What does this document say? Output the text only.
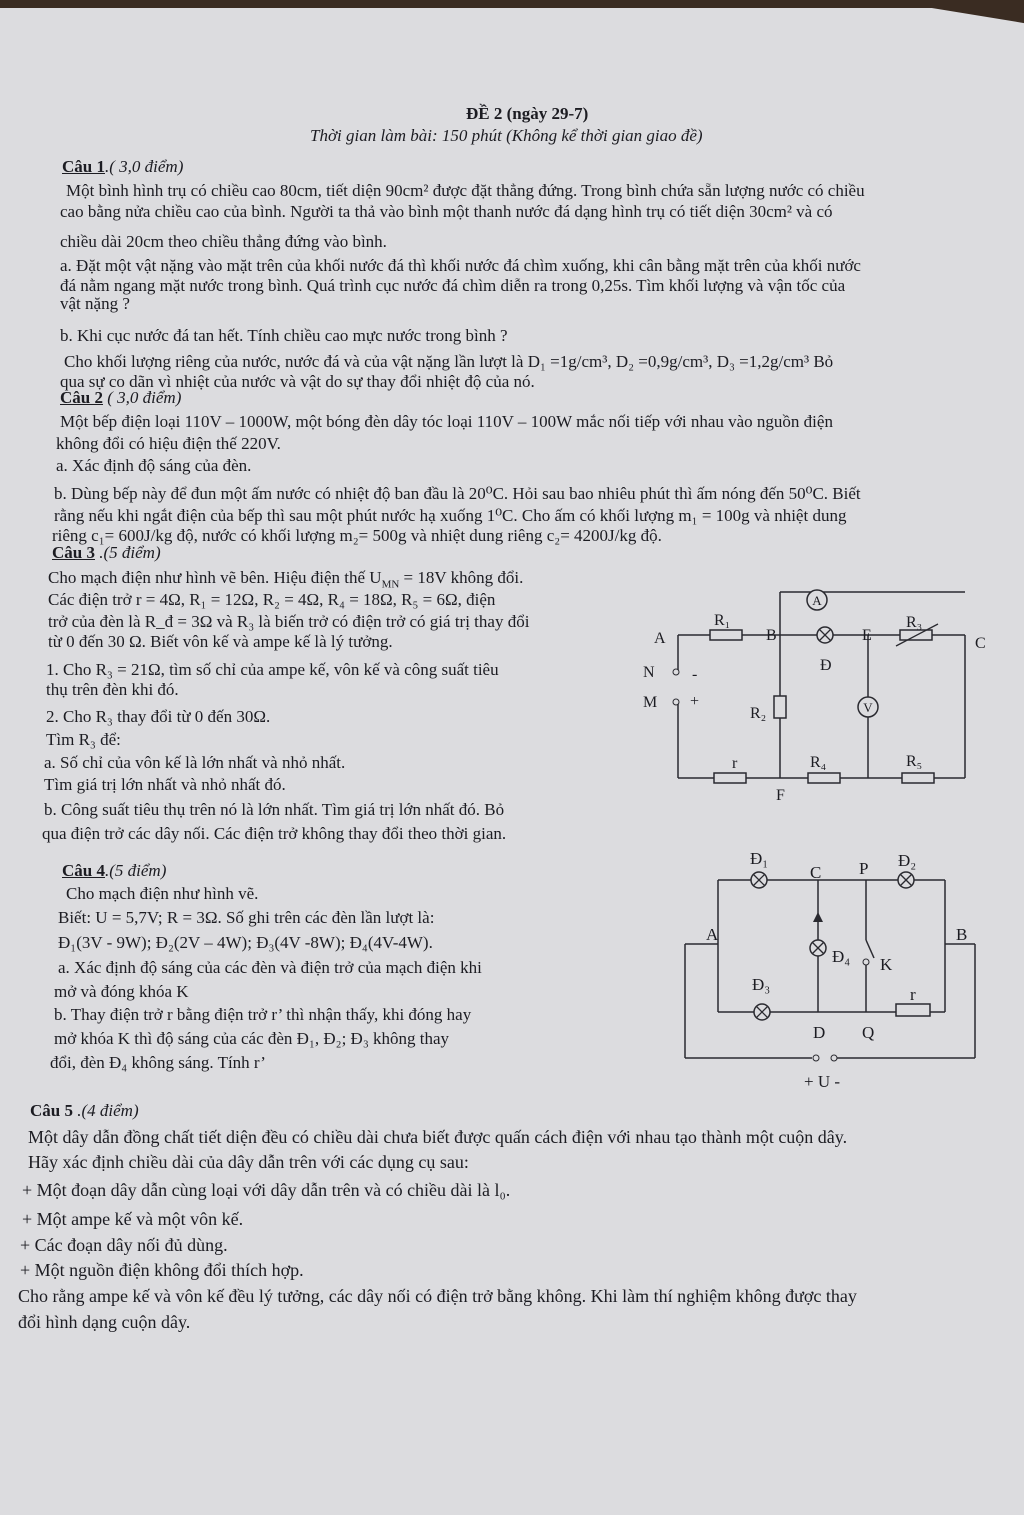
ĐỀ 2 (ngày 29-7)
Thời gian làm bài: 150 phút (Không kể thời gian giao đề)
Câu 1.( 3,0 điểm)
Một bình hình trụ có chiều cao 80cm, tiết diện 90cm² được đặt thẳng đứng. Trong bình chứa sẵn lượng nước có chiều
cao bằng nửa chiều cao của bình. Người ta thả vào bình một thanh nước đá dạng hình trụ có tiết diện 30cm² và có
chiều dài 20cm theo chiều thẳng đứng vào bình.
a. Đặt một vật nặng vào mặt trên của khối nước đá thì khối nước đá chìm xuống, khi cân bằng mặt trên của khối nước
đá nằm ngang mặt nước trong bình. Quá trình cục nước đá chìm diễn ra trong 0,25s. Tìm khối lượng và vận tốc của
vật nặng ?
b. Khi cục nước đá tan hết. Tính chiều cao mực nước trong bình ?
Cho khối lượng riêng của nước, nước đá và của vật nặng lần lượt là D₁ =1g/cm³, D₂ =0,9g/cm³, D₃ =1,2g/cm³ Bỏ
qua sự co dãn vì nhiệt của nước và vật do sự thay đổi nhiệt độ của nó.
Câu 2 ( 3,0 điểm)
Một bếp điện loại 110V – 1000W, một bóng đèn dây tóc loại 110V – 100W mắc nối tiếp với nhau vào nguồn điện
không đổi có hiệu điện thế 220V.
a. Xác định độ sáng của đèn.
b. Dùng bếp này để đun một ấm nước có nhiệt độ ban đầu là 20⁰C. Hỏi sau bao nhiêu phút thì ấm nóng đến 50⁰C. Biết
rằng nếu khi ngắt điện của bếp thì sau một phút nước hạ xuống 1⁰C. Cho ấm có khối lượng m₁ = 100g và nhiệt dung
riêng c₁= 600J/kg độ, nước có khối lượng m₂= 500g và nhiệt dung riêng c₂= 4200J/kg độ.
Câu 3 .(5 điểm)
Cho mạch điện như hình vẽ bên. Hiệu điện thế $U_{MN} = 18V$ không đổi.
Các điện trở r = 4Ω, R₁ = 12Ω, R₂ = 4Ω, R₄ = 18Ω, R₅ = 6Ω, điện
trở của đèn là R_đ = 3Ω và R₃ là biến trở có điện trở có giá trị thay đổi
từ 0 đến 30 Ω. Biết vôn kế và ampe kế là lý tưởng.
1. Cho R₃ = 21Ω, tìm số chỉ của ampe kế, vôn kế và công suất tiêu
thụ trên đèn khi đó.
2. Cho R₃ thay đổi từ 0 đến 30Ω.
Tìm R₃ để:
a. Số chỉ của vôn kế là lớn nhất và nhỏ nhất.
Tìm giá trị lớn nhất và nhỏ nhất đó.
b. Công suất tiêu thụ trên nó là lớn nhất. Tìm giá trị lớn nhất đó. Bỏ
qua điện trở các dây nối. Các điện trở không thay đổi theo thời gian.
A
V
A	B	C
E
F
N
M
-
+
R₁
R₂
R₃
R₄	R₅
r
Đ
Câu 4.(5 điểm)
Cho mạch điện như hình vẽ.
Biết: U = 5,7V; R = 3Ω. Số ghi trên các đèn lần lượt là:
Đ₁(3V - 9W); Đ₂(2V – 4W); Đ₃(4V -8W); Đ₄(4V-4W).
a. Xác định độ sáng của các đèn và điện trở của mạch điện khi
mở và đóng khóa K
b. Thay điện trở r bằng điện trở r’ thì nhận thấy, khi đóng hay
mở khóa K thì độ sáng của các đèn Đ₁, Đ₂; Đ₃ không thay
đổi, đèn Đ₄ không sáng. Tính r’
Đ₁
C P Đ₂
A	B
Đ₄ K
Đ₃
r
D Q
+ U -
Câu 5 .(4 điểm)
Một dây dẫn đồng chất tiết diện đều có chiều dài chưa biết được quấn cách điện với nhau tạo thành một cuộn dây.
Hãy xác định chiều dài của dây dẫn trên với các dụng cụ sau:
+ Một đoạn dây dẫn cùng loại với dây dẫn trên và có chiều dài là l₀.
+ Một ampe kế và một vôn kế.
+ Các đoạn dây nối đủ dùng.
+ Một nguồn điện không đổi thích hợp.
Cho rằng ampe kế và vôn kế đều lý tưởng, các dây nối có điện trở bằng không. Khi làm thí nghiệm không được thay
đổi hình dạng cuộn dây.
